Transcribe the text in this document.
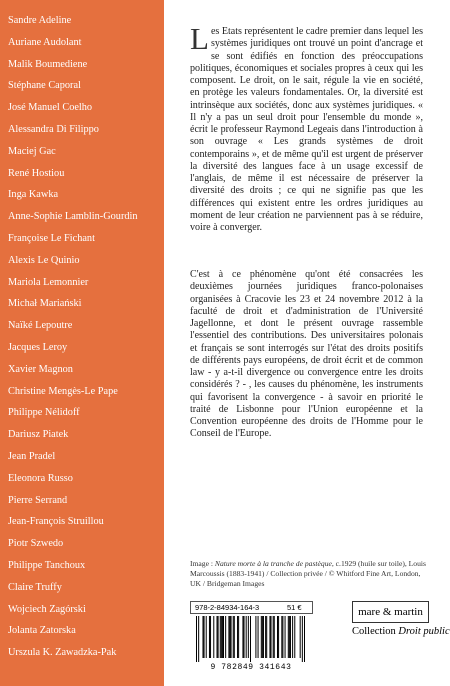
Sandre Adeline
Auriane Audolant
Malik Boumediene
Stéphane Caporal
José Manuel Coelho
Alessandra Di Filippo
Maciej Gac
René Hostiou
Inga Kawka
Anne-Sophie Lamblin-Gourdin
Françoise Le Fichant
Alexis Le Quinio
Mariola Lemonnier
Michał Mariański
Naïké Lepoutre
Jacques Leroy
Xavier Magnon
Christine Mengès-Le Pape
Philippe Nélidoff
Dariusz Piatek
Jean Pradel
Eleonora Russo
Pierre Serrand
Jean-François Struillou
Piotr Szwedo
Philippe Tanchoux
Claire Truffy
Wojciech Zagórski
Jolanta Zatorska
Urszula K. Zawadzka-Pak
Les Etats représentent le cadre premier dans lequel les systèmes juridiques ont trouvé un point d'ancrage et se sont édifiés en fonction des préoccupations politiques, économiques et sociales propres à ceux qui les composent. Le droit, on le sait, régule la vie en société, en protège les valeurs fondamentales. Or, la diversité est intrinsèque aux sociétés, donc aux systèmes juridiques. « Il n'y a pas un seul droit pour l'ensemble du monde », écrit le professeur Raymond Legeais dans l'introduction à son ouvrage « Les grands systèmes de droit contemporains », et de même qu'il est urgent de préserver la diversité des langues face à un usage excessif de l'anglais, de même il est nécessaire de préserver la diversité des droits ; ce qui ne signifie pas que les différences qui existent entre les ordres juridiques au moment de leur création ne parviennent pas à se réduire, voire à converger.
C'est à ce phénomène qu'ont été consacrées les deuxièmes journées juridiques franco-polonaises organisées à Cracovie les 23 et 24 novembre 2012 à la faculté de droit et d'administration de l'Université Jagellonne, et dont le présent ouvrage rassemble l'essentiel des contributions. Des universitaires polonais et français se sont interrogés sur l'état des droits positifs de différents pays européens, de droit écrit et de common law - y a-t-il divergence ou convergence entre les droits considérés ? - , les causes du phénomène, les instruments qui favorisent la convergence - à savoir en priorité le traité de Lisbonne pour l'Union européenne et la Convention européenne des droits de l'Homme pour le Conseil de l'Europe.
Image : Nature morte à la tranche de pastèque, c.1929 (huile sur toile), Louis Marcoussis (1883-1941) / Collection privée / © Whitford Fine Art, London, UK / Bridgeman Images
978-2-84934-164-3	51 €
9 782849 341643
mare & martin
Collection Droit public
